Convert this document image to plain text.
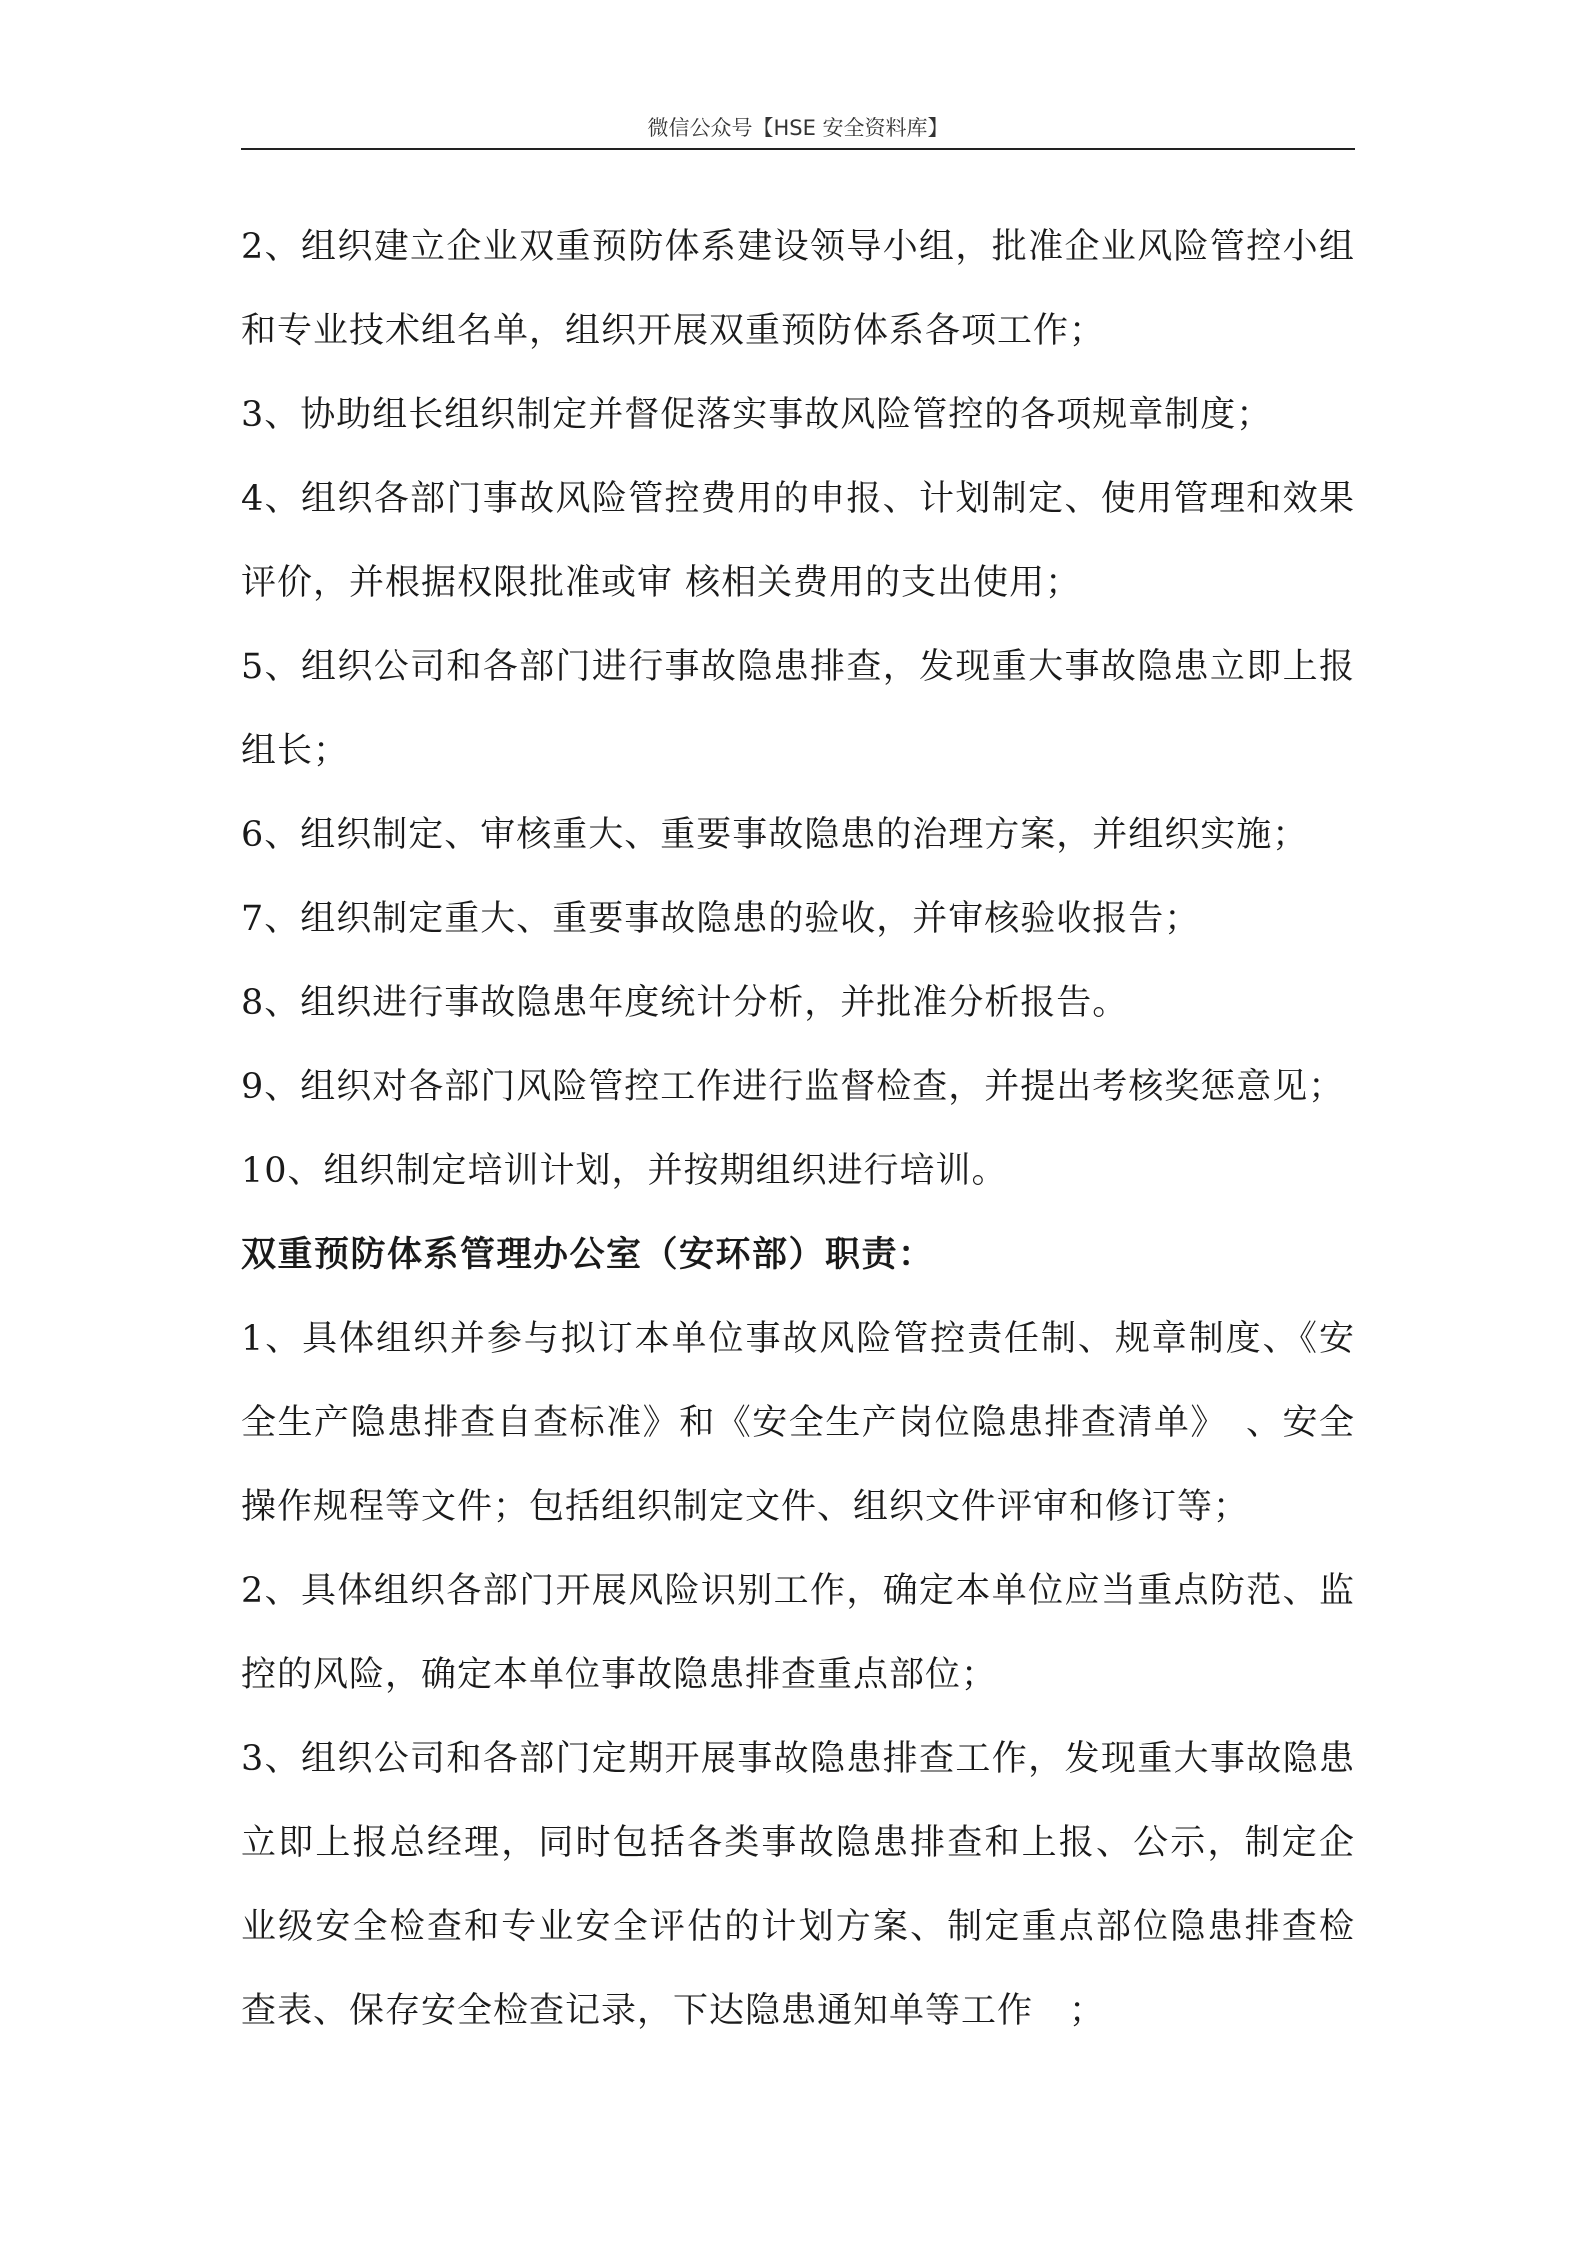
微信公众号【HSE 安全资料库】

2、组织建立企业双重预防体系建设领导小组，批准企业风险管控小组和专业技术组名单，组织开展双重预防体系各项工作；

3、协助组长组织制定并督促落实事故风险管控的各项规章制度；

4、组织各部门事故风险管控费用的申报、计划制定、使用管理和效果评价，并根据权限批准或审 核相关费用的支出使用；

5、组织公司和各部门进行事故隐患排查，发现重大事故隐患立即上报组长；

6、组织制定、审核重大、重要事故隐患的治理方案，并组织实施；

7、组织制定重大、重要事故隐患的验收，并审核验收报告；

8、组织进行事故隐患年度统计分析，并批准分析报告。

9、组织对各部门风险管控工作进行监督检查，并提出考核奖惩意见；

10、组织制定培训计划，并按期组织进行培训。

双重预防体系管理办公室（安环部）职责：

1、具体组织并参与拟订本单位事故风险管控责任制、规章制度、《安全生产隐患排查自查标准》和《安全生产岗位隐患排查清单》　、安全操作规程等文件；包括组织制定文件、组织文件评审和修订等；

2、具体组织各部门开展风险识别工作，确定本单位应当重点防范、监控的风险，确定本单位事故隐患排查重点部位；

3、组织公司和各部门定期开展事故隐患排查工作，发现重大事故隐患立即上报总经理，同时包括各类事故隐患排查和上报、公示，制定企业级安全检查和专业安全评估的计划方案、制定重点部位隐患排查检查表、保存安全检查记录，下达隐患通知单等工作　；
